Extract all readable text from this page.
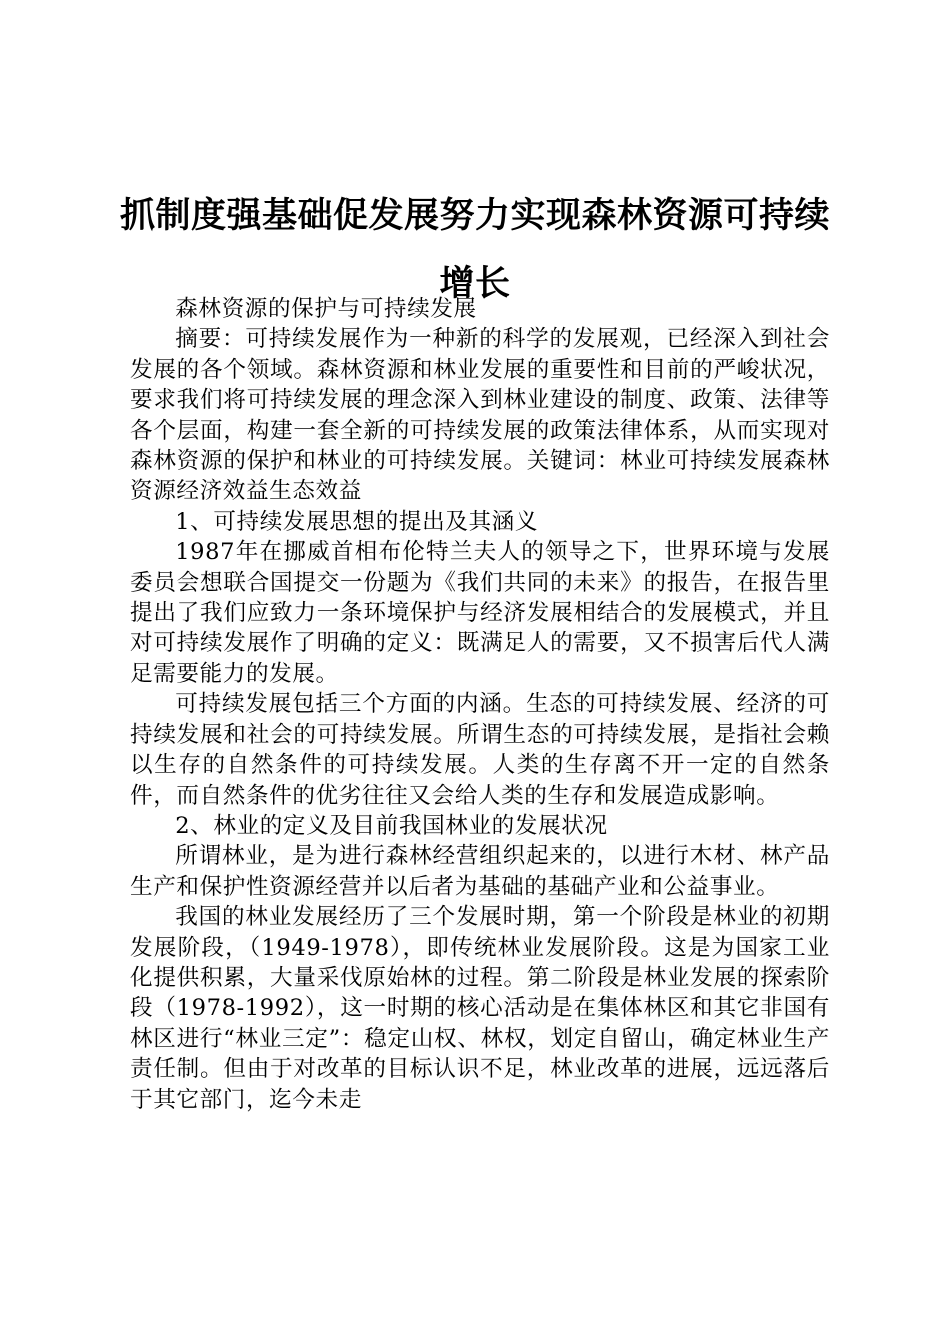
抓制度强基础促发展努力实现森林资源可持续增长

森林资源的保护与可持续发展

摘要：可持续发展作为一种新的科学的发展观，已经深入到社会发展的各个领域。森林资源和林业发展的重要性和目前的严峻状况，要求我们将可持续发展的理念深入到林业建设的制度、政策、法律等各个层面，构建一套全新的可持续发展的政策法律体系，从而实现对森林资源的保护和林业的可持续发展。关键词：林业可持续发展森林资源经济效益生态效益

1、可持续发展思想的提出及其涵义

1987年在挪威首相布伦特兰夫人的领导之下，世界环境与发展委员会想联合国提交一份题为《我们共同的未来》的报告，在报告里提出了我们应致力一条环境保护与经济发展相结合的发展模式，并且对可持续发展作了明确的定义：既满足人的需要，又不损害后代人满足需要能力的发展。

可持续发展包括三个方面的内涵。生态的可持续发展、经济的可持续发展和社会的可持续发展。所谓生态的可持续发展，是指社会赖以生存的自然条件的可持续发展。人类的生存离不开一定的自然条件，而自然条件的优劣往往又会给人类的生存和发展造成影响。

2、林业的定义及目前我国林业的发展状况

所谓林业，是为进行森林经营组织起来的，以进行木材、林产品生产和保护性资源经营并以后者为基础的基础产业和公益事业。

我国的林业发展经历了三个发展时期，第一个阶段是林业的初期发展阶段，（1949-1978），即传统林业发展阶段。这是为国家工业化提供积累，大量采伐原始林的过程。第二阶段是林业发展的探索阶段（1978-1992），这一时期的核心活动是在集体林区和其它非国有林区进行“林业三定”：稳定山权、林权，划定自留山，确定林业生产责任制。但由于对改革的目标认识不足，林业改革的进展，远远落后于其它部门，迄今未走
